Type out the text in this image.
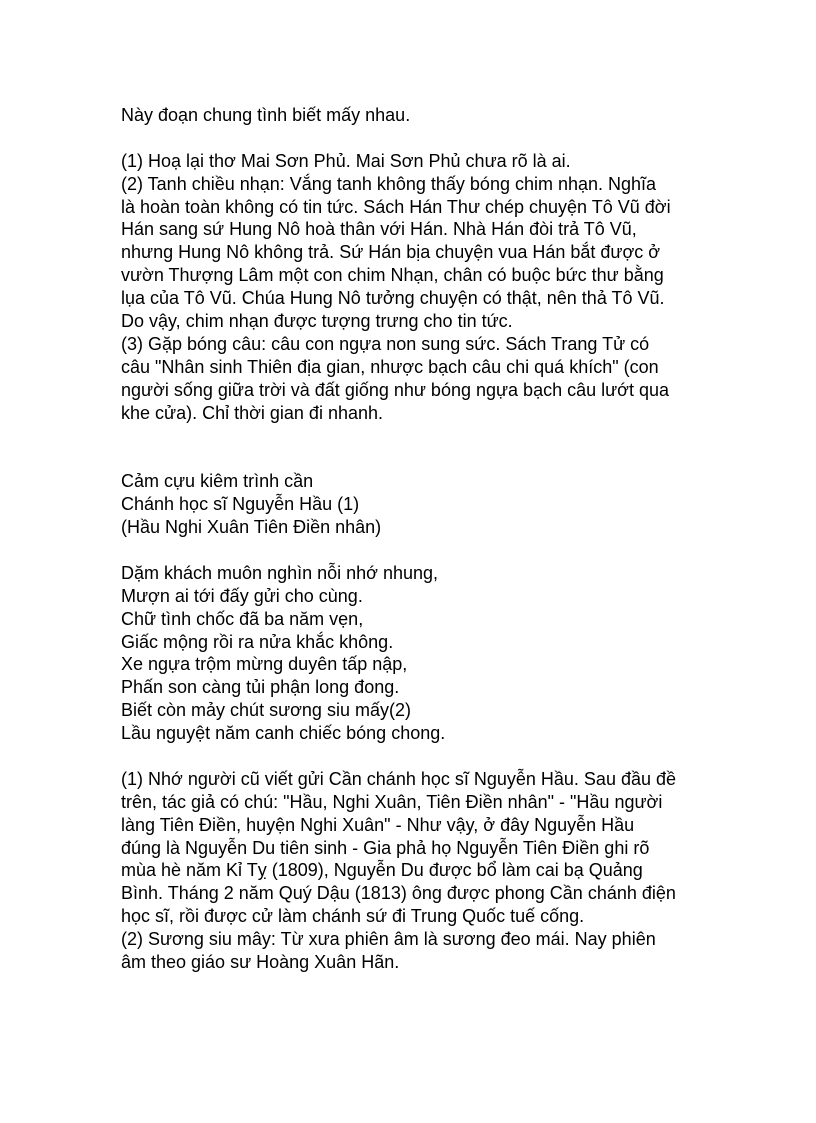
Này đoạn chung tình biết mấy nhau.
(1) Hoạ lại thơ Mai Sơn Phủ. Mai Sơn Phủ chưa rõ là ai.
(2) Tanh chiều nhạn: Vắng tanh không thấy bóng chim nhạn. Nghĩa
là hoàn toàn không có tin tức. Sách Hán Thư chép chuyện Tô Vũ đời
Hán sang sứ Hung Nô hoà thân với Hán. Nhà Hán đòi trả Tô Vũ,
nhưng Hung Nô không trả. Sứ Hán bịa chuyện vua Hán bắt được ở
vườn Thượng Lâm một con chim Nhạn, chân có buộc bức thư bằng
lụa của Tô Vũ. Chúa Hung Nô tưởng chuyện có thật, nên thả Tô Vũ.
Do vậy, chim nhạn được tượng trưng cho tin tức.
(3) Gặp bóng câu: câu con ngựa non sung sức. Sách Trang Tử có
câu "Nhân sinh Thiên địa gian, nhược bạch câu chi quá khích" (con
người sống giữa trời và đất giống như bóng ngựa bạch câu lướt qua
khe cửa). Chỉ thời gian đi nhanh.
Cảm cựu kiêm trình cần
Chánh học sĩ Nguyễn Hầu (1)
(Hầu Nghi Xuân Tiên Điền nhân)
Dặm khách muôn nghìn nỗi nhớ nhung,
Mượn ai tới đấy gửi cho cùng.
Chữ tình chốc đã ba năm vẹn,
Giấc mộng rồi ra nửa khắc không.
Xe ngựa trộm mừng duyên tấp nập,
Phấn son càng tủi phận long đong.
Biết còn mảy chút sương siu mấy(2)
Lầu nguyệt năm canh chiếc bóng chong.
(1) Nhớ người cũ viết gửi Cần chánh học sĩ Nguyễn Hầu. Sau đầu đề
trên, tác giả có chú: "Hầu, Nghi Xuân, Tiên Điền nhân" - "Hầu người
làng Tiên Điền, huyện Nghi Xuân" - Như vậy, ở đây Nguyễn Hầu
đúng là Nguyễn Du tiên sinh - Gia phả họ Nguyễn Tiên Điền ghi rõ
mùa hè năm Kỉ Tỵ (1809), Nguyễn Du được bổ làm cai bạ Quảng
Bình. Tháng 2 năm Quý Dậu (1813) ông được phong Cần chánh điện
học sĩ, rồi được cử làm chánh sứ đi Trung Quốc tuế cống.
(2) Sương siu mây: Từ xưa phiên âm là sương đeo mái. Nay phiên
âm theo giáo sư Hoàng Xuân Hãn.
